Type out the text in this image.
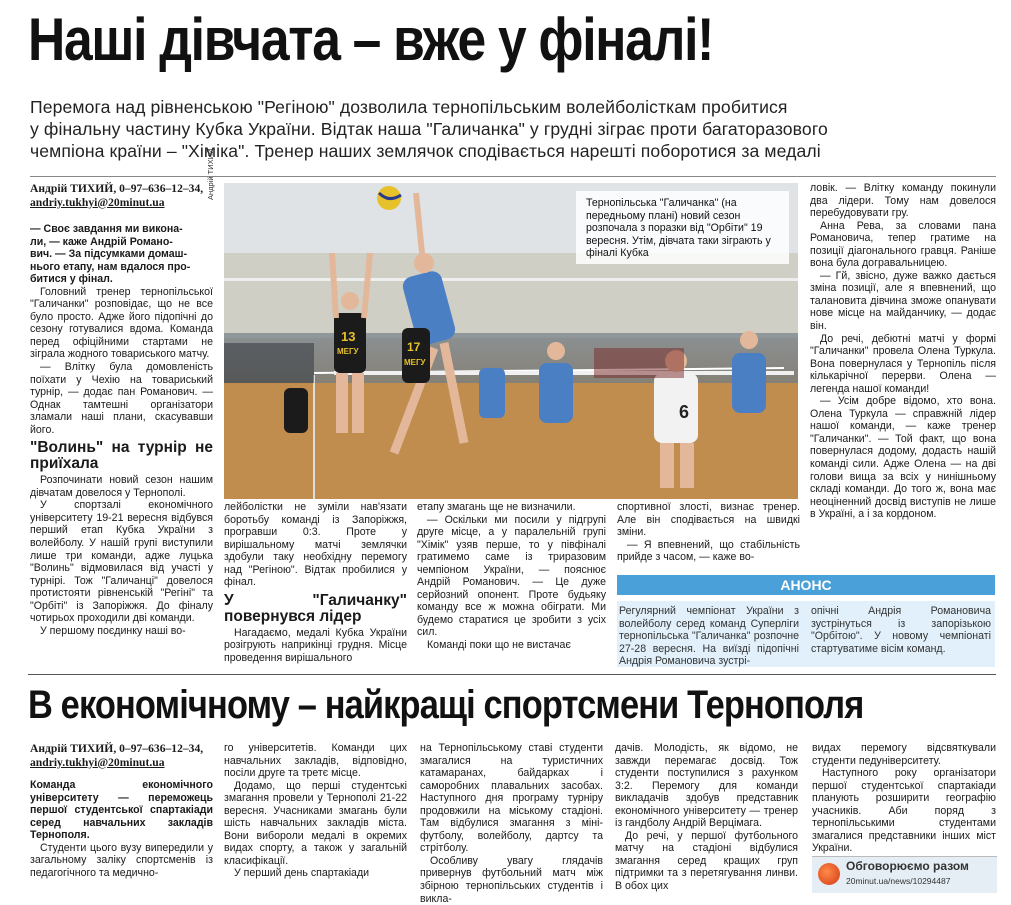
Наші дівчата – вже у фіналі!
Перемога над рівненською "Регіною" дозволила тернопільським волейболісткам пробитися
у фінальну частину Кубка України. Відтак наша "Галичанка" у грудні зіграє проти багаторазового
чемпіона країни – "Хіміка". Тренер наших землячок сподівається нарешті поборотися за медалі
Андрій ТИХИЙ, 0–97–636–12–34,
andriy.tukhyi@20minut.ua
— Своє завдання ми викона-
ли, — каже Андрій Романо-
вич. — За підсумками домаш-
нього етапу, нам вдалося про-
битися у фінал.

Головний тренер тернопільської "Галичанки" розповідає, що не все було просто. Адже його підопічні до сезону готувалися вдома. Команда перед офіційними стартами не зіграла жодного товариського матчу.

— Влітку була домовленість поїхати у Чехію на товариський турнір, — додає пан Романович. — Однак тамтешні організатори зламали наші плани, скасувавши його.

"Волинь" на турнір не приїхала

Розпочинати новий сезон нашим дівчатам довелося у Тернополі.

У спортзалі економічного університету 19-21 вересня відбувся перший етап Кубка України з волейболу. У нашій групі виступили лише три команди, адже луцька "Волинь" відмовилася від участі у турнірі. Тож "Галичанці" довелося протистояти рівненській "Регіні" та "Орбіті" із Запоріжжя. До фіналу чотирьох проходили дві команди.

У першому поєдинку наші во-

Андрій ТИХИЙ
13
МЕГУ	17
МЕГУ
6
Тернопільська "Галичанка" (на передньому плані) новий сезон розпочала з поразки від "Орбіти" 19 вересня. Утім, дівчата таки зіграють у фіналі Кубка

лейболістки не зуміли нав'язати боротьбу команді із Запоріжжя, програвши 0:3. Проте у вирішальному матчі землячки здобули таку необхідну перемогу над "Регіною". Відтак пробилися у фінал.

У "Галичанку" повернувся лідер

Нагадаємо, медалі Кубка України розігрують наприкінці грудня. Місце проведення вирішального

етапу змагань ще не визначили.

— Оскільки ми посили у підгрупі друге місце, а у паралельній групі "Хімік" узяв перше, то у півфіналі гратимемо саме із триразовим чемпіоном України, — пояснює Андрій Романович. — Це дуже серйозний опонент. Проте будьяку команду все ж можна обіграти. Ми будемо старатися це зробити з усіх сил.

Команді поки що не вистачає

спортивної злості, визнає тренер. Але він сподівається на швидкі зміни.

— Я впевнений, що стабільність прийде з часом, — каже во-

ловік. — Влітку команду покинули два лідери. Тому нам довелося перебудовувати гру.

Анна Рева, за словами пана Романовича, тепер гратиме на позиції діагонального гравця. Раніше вона була догравальницею.

— Гй, звісно, дуже важко дається зміна позиції, але я впевнений, що талановита дівчина зможе опанувати нове місце на майданчику, — додає він.

До речі, дебютні матчі у формі "Галичанки" провела Олена Туркула. Вона повернулася у Тернопіль після кількарічної перерви. Олена — легенда нашої команди!

— Усім добре відомо, хто вона. Олена Туркула — справжній лідер нашої команди, — каже тренер "Галичанки". — Той факт, що вона повернулася додому, додасть нашій команді сили. Адже Олена — на дві голови вища за всіх у нинішньому складі команди. До того ж, вона має неоціненний досвід виступів не лише в Україні, а і за кордоном.

АНОНС

Регулярний чемпіонат України з волейболу серед команд Суперліги тернопільська "Галичанка" розпочне 27-28 вересня. На виїзді підопічні Андрія Романовича зустрі-

опічні Андрія Романовича зустрінуться із запорізькою "Орбітою". У новому чемпіонаті стартуватиме вісім команд.

В економічному – найкращі спортсмени Тернополя
Андрій ТИХИЙ, 0–97–636–12–34,
andriy.tukhyi@20minut.ua

Команда економічного університету — переможець першої студентської спартакіади серед навчальних закладів Тернополя.

Студенти цього вузу випередили у загальному заліку спортсменів із педагогічного та медично-

го університетів. Команди цих навчальних закладів, відповідно, посіли друге та третє місце.

Додамо, що перші студентські змагання провели у Тернополі 21-22 вересня. Учасниками змагань були шість навчальних закладів міста. Вони вибороли медалі в окремих видах спорту, а також у загальній класифікації.

У перший день спартакіади

на Тернопільському ставі студенти змагалися на туристичних катамаранах, байдарках і саморобних плавальних засобах. Наступного дня програму турніру продовжили на міському стадіоні. Там відбулися змагання з міні-футболу, волейболу, дартсу та стрітболу.

Особливу увагу глядачів привернув футбольний матч між збірною тернопільських студентів і викла-

дачів. Молодість, як відомо, не завжди перемагає досвід. Тож студенти поступилися з рахунком 3:2. Перемогу для команди викладачів здобув представник економічного університету — тренер із гандболу Андрій Верцімага.

До речі, у першої футбольного матчу на стадіоні відбулися змагання серед кращих груп підтримки та з перетягування линви. В обох цих

видах перемогу відсвяткували студенти педуніверситету.

Наступного року організатори першої студентської спартакіади планують розширити географію учасників. Аби поряд з тернопільськими студентами змагалися представники інших міст України.

Обговорюємо разом
20minut.ua/news/10294487
